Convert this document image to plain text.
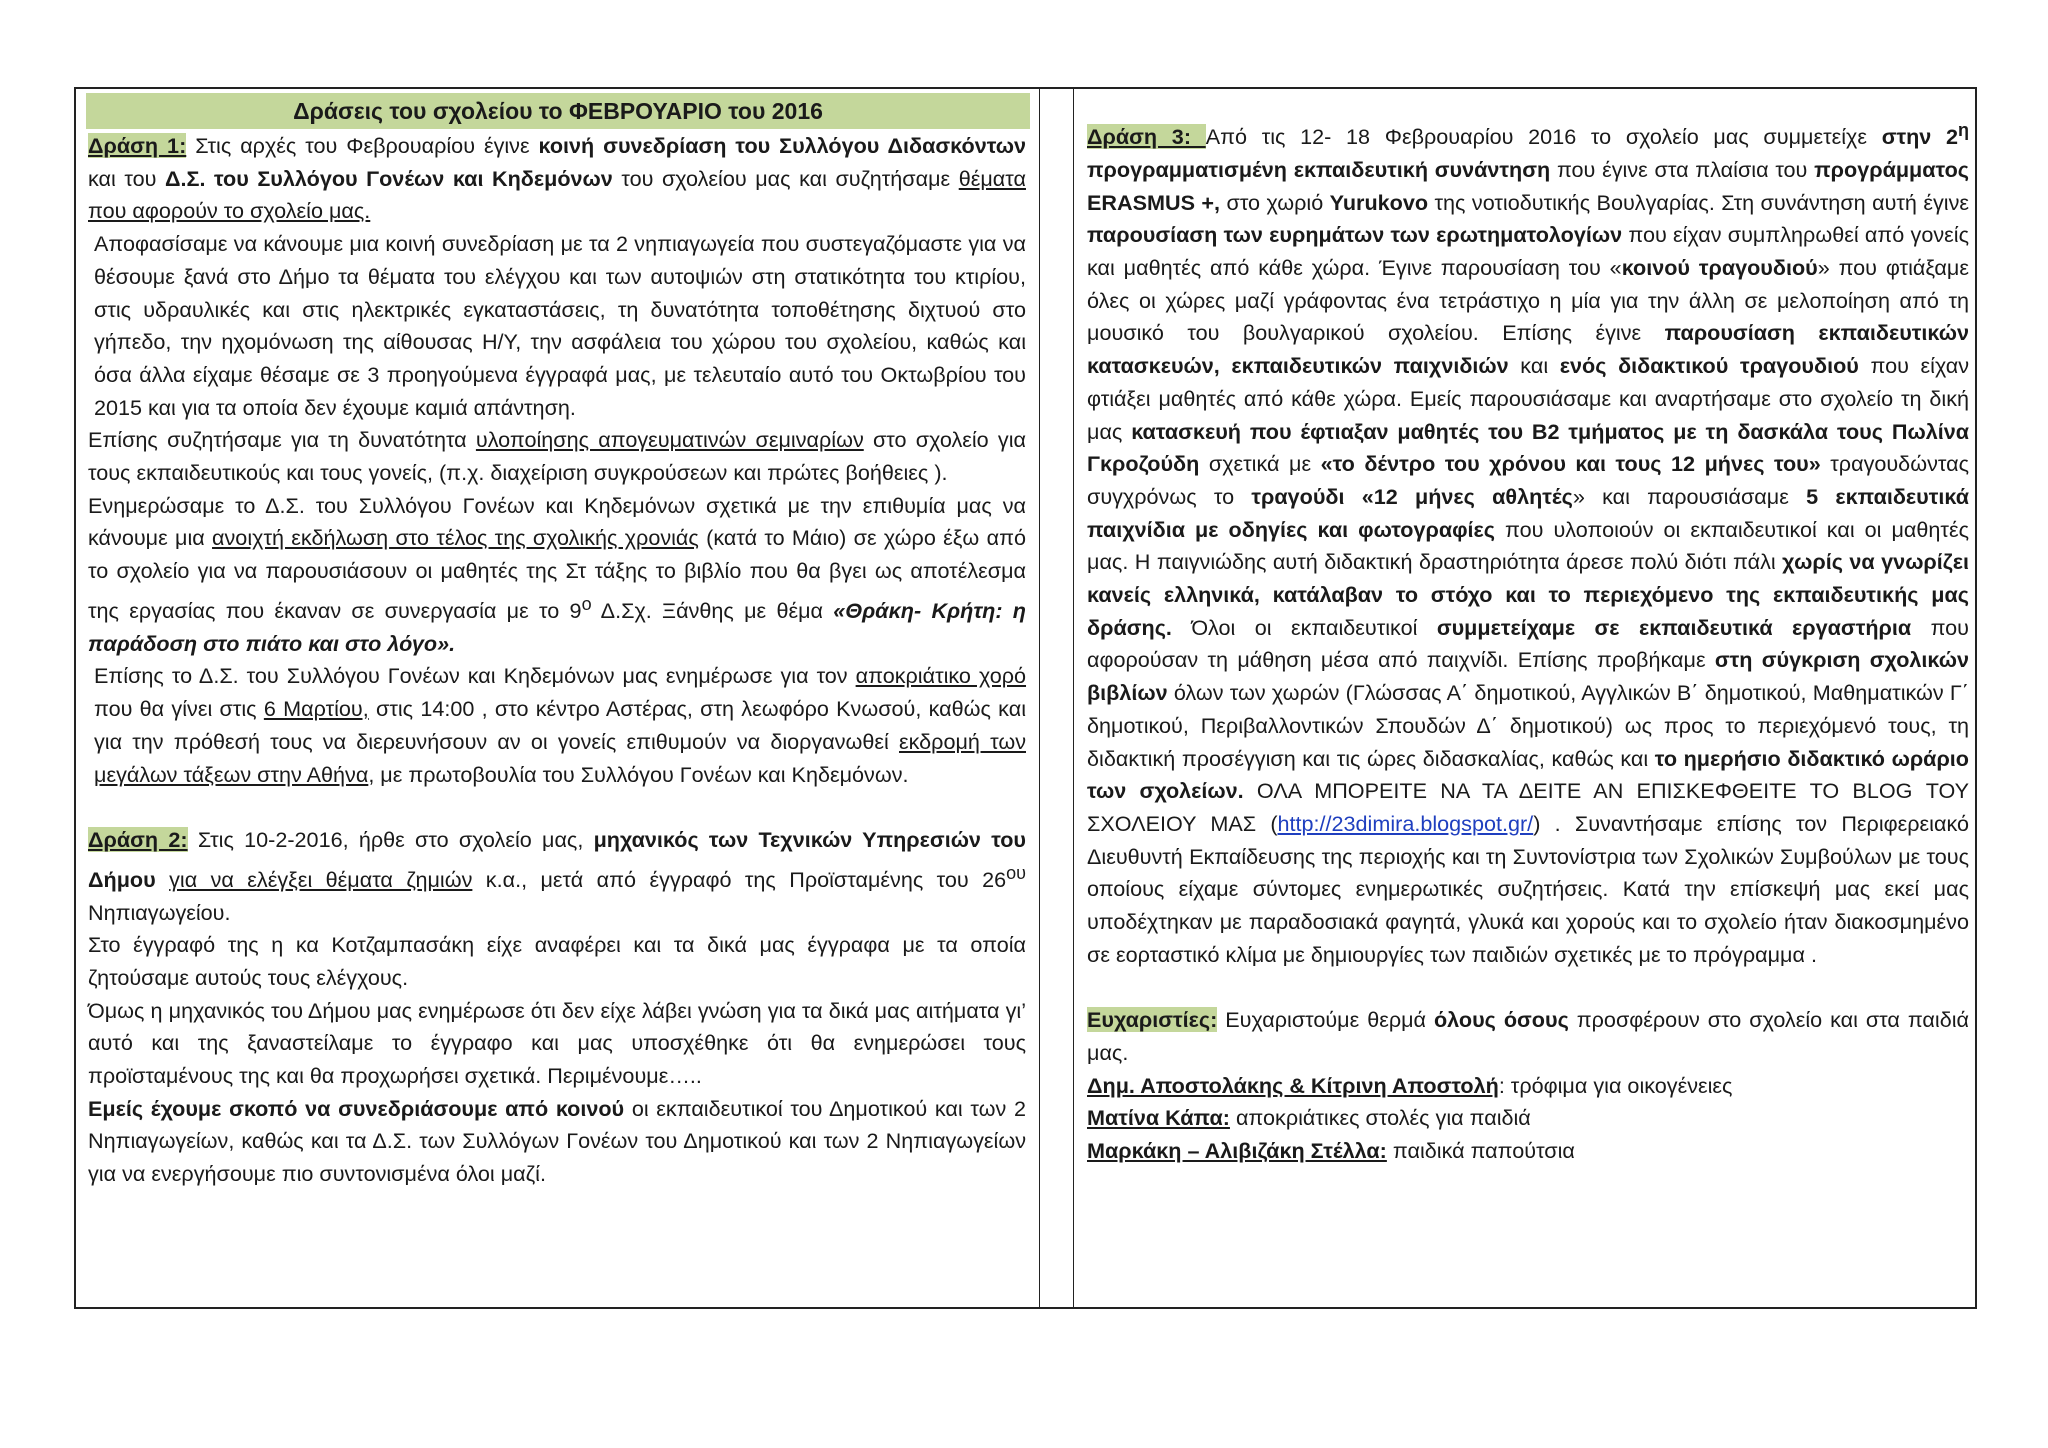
Δράσεις του σχολείου το ΦΕΒΡΟΥΑΡΙΟ του 2016

Δράση 1: Στις αρχές του Φεβρουαρίου έγινε κοινή συνεδρίαση του Συλλόγου Διδασκόντων και του Δ.Σ. του Συλλόγου Γονέων και Κηδεμόνων του σχολείου μας και συζητήσαμε θέματα που αφορούν το σχολείο μας.

Αποφασίσαμε να κάνουμε μια κοινή συνεδρίαση με τα 2 νηπιαγωγεία που συστεγαζόμαστε για να θέσουμε ξανά στο Δήμο τα θέματα του ελέγχου και των αυτοψιών στη στατικότητα του κτιρίου, στις υδραυλικές και στις ηλεκτρικές εγκαταστάσεις, τη δυνατότητα τοποθέτησης διχτυού στο γήπεδο, την ηχομόνωση της αίθουσας Η/Υ, την ασφάλεια του χώρου του σχολείου, καθώς και όσα άλλα είχαμε θέσαμε σε 3 προηγούμενα έγγραφά μας, με τελευταίο αυτό του Οκτωβρίου του 2015 και για τα οποία δεν έχουμε καμιά απάντηση.

Επίσης συζητήσαμε για τη δυνατότητα υλοποίησης απογευματινών σεμιναρίων στο σχολείο για τους εκπαιδευτικούς και τους γονείς, (π.χ. διαχείριση συγκρούσεων και πρώτες βοήθειες ).

Ενημερώσαμε το Δ.Σ. του Συλλόγου Γονέων και Κηδεμόνων σχετικά με την επιθυμία μας να κάνουμε μια ανοιχτή εκδήλωση στο τέλος της σχολικής χρονιάς (κατά το Μάιο) σε χώρο έξω από το σχολείο για να παρουσιάσουν οι μαθητές της Στ τάξης το βιβλίο που θα βγει ως αποτέλεσμα της εργασίας που έκαναν σε συνεργασία με το $9^o$ Δ.Σχ. Ξάνθης με θέμα «Θράκη- Κρήτη: η παράδοση στο πιάτο και στο λόγο».

Επίσης το Δ.Σ. του Συλλόγου Γονέων και Κηδεμόνων μας ενημέρωσε για τον αποκριάτικο χορό που θα γίνει στις 6 Μαρτίου, στις 14:00 , στο κέντρο Αστέρας, στη λεωφόρο Κνωσού, καθώς και για την πρόθεσή τους να διερευνήσουν αν οι γονείς επιθυμούν να διοργανωθεί εκδρομή των μεγάλων τάξεων στην Αθήνα, με πρωτοβουλία του Συλλόγου Γονέων και Κηδεμόνων.

Δράση 2: Στις 10-2-2016, ήρθε στο σχολείο μας, μηχανικός των Τεχνικών Υπηρεσιών του Δήμου για να ελέγξει θέματα ζημιών κ.α., μετά από έγγραφό της Προϊσταμένης του $26^{o\upsilon}$ Νηπιαγωγείου.

Στο έγγραφό της η κα Κοτζαμπασάκη είχε αναφέρει και τα δικά μας έγγραφα με τα οποία ζητούσαμε αυτούς τους ελέγχους.

Όμως η μηχανικός του Δήμου μας ενημέρωσε ότι δεν είχε λάβει γνώση για τα δικά μας αιτήματα γι’ αυτό και της ξαναστείλαμε το έγγραφο και μας υποσχέθηκε ότι θα ενημερώσει τους προϊσταμένους της και θα προχωρήσει σχετικά. Περιμένουμε…..

Εμείς έχουμε σκοπό να συνεδριάσουμε από κοινού οι εκπαιδευτικοί του Δημοτικού και των 2 Νηπιαγωγείων, καθώς και τα Δ.Σ. των Συλλόγων Γονέων του Δημοτικού και των 2 Νηπιαγωγείων για να ενεργήσουμε πιο συντονισμένα όλοι μαζί.

Δράση 3: Από τις 12- 18 Φεβρουαρίου 2016 το σχολείο μας συμμετείχε στην $2^\eta$ προγραμματισμένη εκπαιδευτική συνάντηση που έγινε στα πλαίσια του προγράμματος ERASMUS +, στο χωριό Yurukovo της νοτιοδυτικής Βουλγαρίας. Στη συνάντηση αυτή έγινε παρουσίαση των ευρημάτων των ερωτηματολογίων που είχαν συμπληρωθεί από γονείς και μαθητές από κάθε χώρα. Έγινε παρουσίαση του «κοινού τραγουδιού» που φτιάξαμε όλες οι χώρες μαζί γράφοντας ένα τετράστιχο η μία για την άλλη σε μελοποίηση από τη μουσικό του βουλγαρικού σχολείου. Επίσης έγινε παρουσίαση εκπαιδευτικών κατασκευών, εκπαιδευτικών παιχνιδιών και ενός διδακτικού τραγουδιού που είχαν φτιάξει μαθητές από κάθε χώρα. Εμείς παρουσιάσαμε και αναρτήσαμε στο σχολείο τη δική μας κατασκευή που έφτιαξαν μαθητές του Β2 τμήματος με τη δασκάλα τους Πωλίνα Γκροζούδη σχετικά με «το δέντρο του χρόνου και τους 12 μήνες του» τραγουδώντας συγχρόνως το τραγούδι «12 μήνες αθλητές» και παρουσιάσαμε 5 εκπαιδευτικά παιχνίδια με οδηγίες και φωτογραφίες που υλοποιούν οι εκπαιδευτικοί και οι μαθητές μας. Η παιγνιώδης αυτή διδακτική δραστηριότητα άρεσε πολύ διότι πάλι χωρίς να γνωρίζει κανείς ελληνικά, κατάλαβαν το στόχο και το περιεχόμενο της εκπαιδευτικής μας δράσης. Όλοι οι εκπαιδευτικοί συμμετείχαμε σε εκπαιδευτικά εργαστήρια που αφορούσαν τη μάθηση μέσα από παιχνίδι. Επίσης προβήκαμε στη σύγκριση σχολικών βιβλίων όλων των χωρών (Γλώσσας Α΄ δημοτικού, Αγγλικών Β΄ δημοτικού, Μαθηματικών Γ΄ δημοτικού, Περιβαλλοντικών Σπουδών Δ΄ δημοτικού) ως προς το περιεχόμενό τους, τη διδακτική προσέγγιση και τις ώρες διδασκαλίας, καθώς και το ημερήσιο διδακτικό ωράριο των σχολείων. ΟΛΑ ΜΠΟΡΕΙΤΕ ΝΑ ΤΑ ΔΕΙΤΕ ΑΝ ΕΠΙΣΚΕΦΘΕΙΤΕ ΤΟ BLOG ΤΟΥ ΣΧΟΛΕΙΟΥ ΜΑΣ (http://23dimira.blogspot.gr/) . Συναντήσαμε επίσης τον Περιφερειακό Διευθυντή Εκπαίδευσης της περιοχής και τη Συντονίστρια των Σχολικών Συμβούλων με τους οποίους είχαμε σύντομες ενημερωτικές συζητήσεις. Κατά την επίσκεψή μας εκεί μας υποδέχτηκαν με παραδοσιακά φαγητά, γλυκά και χορούς και το σχολείο ήταν διακοσμημένο σε εορταστικό κλίμα με δημιουργίες των παιδιών σχετικές με το πρόγραμμα .

Ευχαριστίες: Ευχαριστούμε θερμά όλους όσους προσφέρουν στο σχολείο και στα παιδιά μας.

Δημ. Αποστολάκης & Κίτρινη Αποστολή: τρόφιμα για οικογένειες

Ματίνα Κάπα: αποκριάτικες στολές για παιδιά

Μαρκάκη – Αλιβιζάκη Στέλλα: παιδικά παπούτσια
